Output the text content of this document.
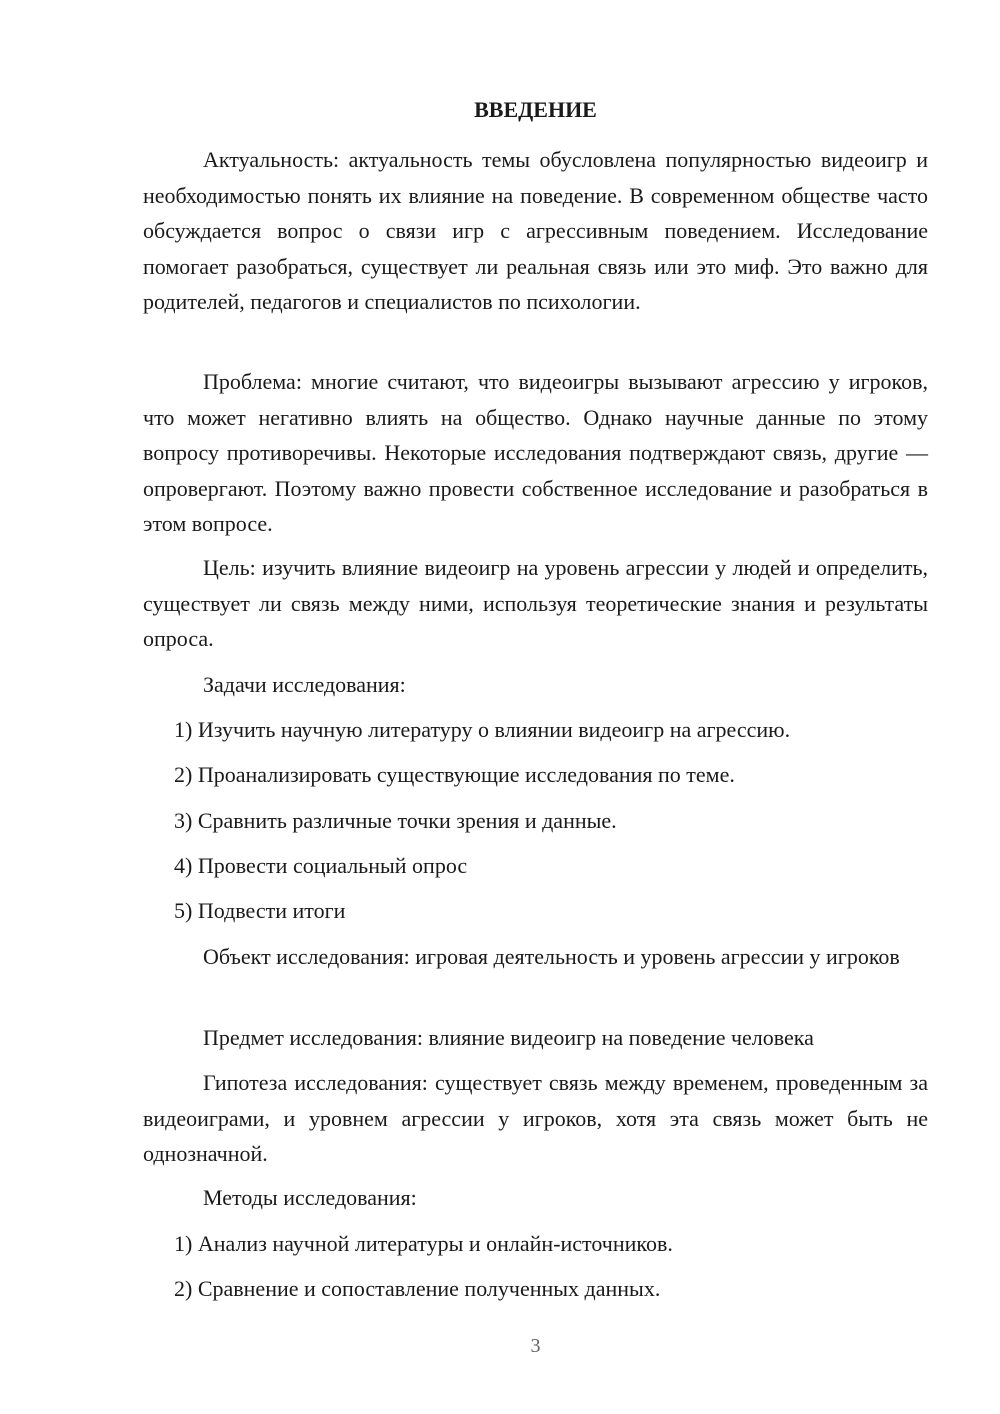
ВВЕДЕНИЕ

Актуальность: актуальность темы обусловлена популярностью видеоигр и необходимостью понять их влияние на поведение. В современном обществе часто обсуждается вопрос о связи игр с агрессивным поведением. Исследование помогает разобраться, существует ли реальная связь или это миф. Это важно для родителей, педагогов и специалистов по психологии.

Проблема: многие считают, что видеоигры вызывают агрессию у игроков, что может негативно влиять на общество. Однако научные данные по этому вопросу противоречивы. Некоторые исследования подтверждают связь, другие — опровергают. Поэтому важно провести собственное исследование и разобраться в этом вопросе.

Цель: изучить влияние видеоигр на уровень агрессии у людей и определить, существует ли связь между ними, используя теоретические знания и результаты опроса.

Задачи исследования:
1) Изучить научную литературу о влиянии видеоигр на агрессию.
2) Проанализировать существующие исследования по теме.
3) Сравнить различные точки зрения и данные.
4) Провести социальный опрос
5) Подвести итоги

Объект исследования: игровая деятельность и уровень агрессии у игроков

Предмет исследования: влияние видеоигр на поведение человека

Гипотеза исследования: существует связь между временем, проведенным за видеоиграми, и уровнем агрессии у игроков, хотя эта связь может быть не однозначной.

Методы исследования:
1) Анализ научной литературы и онлайн-источников.
2) Сравнение и сопоставление полученных данных.
3
